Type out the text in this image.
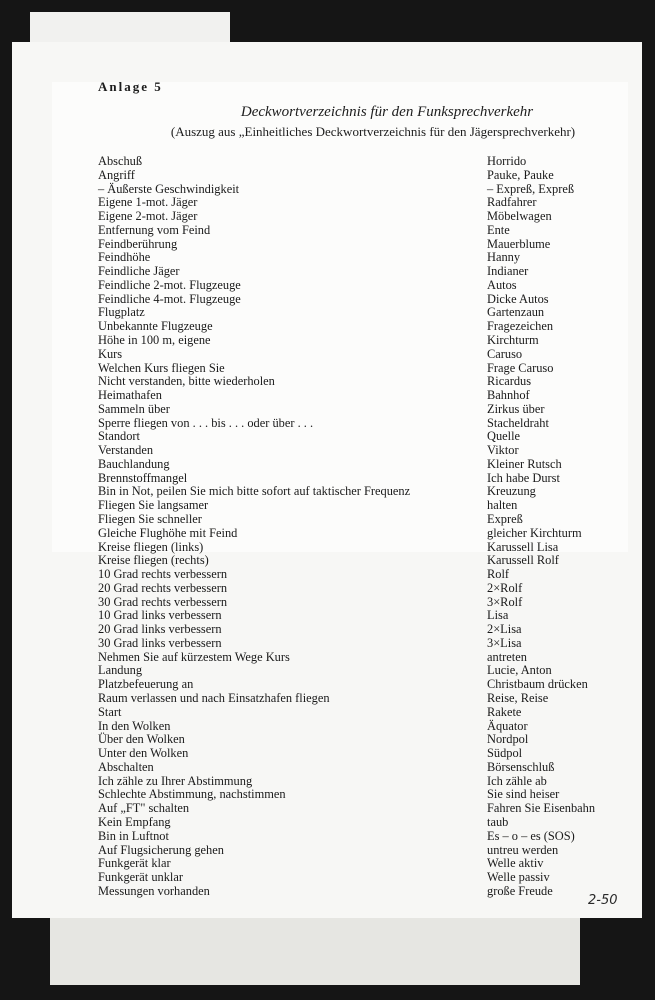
Anlage 5
Deckwortverzeichnis für den Funksprechverkehr
(Auszug aus „Einheitliches Deckwortverzeichnis für den Jägersprechverkehr)
Abschuß	Horrido
Angriff	Pauke, Pauke
– Äußerste Geschwindigkeit	– Expreß, Expreß
Eigene 1-mot. Jäger	Radfahrer
Eigene 2-mot. Jäger	Möbelwagen
Entfernung vom Feind	Ente
Feindberührung	Mauerblume
Feindhöhe	Hanny
Feindliche Jäger	Indianer
Feindliche 2-mot. Flugzeuge	Autos
Feindliche 4-mot. Flugzeuge	Dicke Autos
Flugplatz	Gartenzaun
Unbekannte Flugzeuge	Fragezeichen
Höhe in 100 m, eigene	Kirchturm
Kurs	Caruso
Welchen Kurs fliegen Sie	Frage Caruso
Nicht verstanden, bitte wiederholen	Ricardus
Heimathafen	Bahnhof
Sammeln über	Zirkus über
Sperre fliegen von . . . bis . . . oder über . . .	Stacheldraht
Standort	Quelle
Verstanden	Viktor
Bauchlandung	Kleiner Rutsch
Brennstoffmangel	Ich habe Durst
Bin in Not, peilen Sie mich bitte sofort auf taktischer Frequenz	Kreuzung
Fliegen Sie langsamer	halten
Fliegen Sie schneller	Expreß
Gleiche Flughöhe mit Feind	gleicher Kirchturm
Kreise fliegen (links)	Karussell Lisa
Kreise fliegen (rechts)	Karussell Rolf
10 Grad rechts verbessern	Rolf
20 Grad rechts verbessern	2×Rolf
30 Grad rechts verbessern	3×Rolf
10 Grad links verbessern	Lisa
20 Grad links verbessern	2×Lisa
30 Grad links verbessern	3×Lisa
Nehmen Sie auf kürzestem Wege Kurs	antreten
Landung	Lucie, Anton
Platzbefeuerung an	Christbaum drücken
Raum verlassen und nach Einsatzhafen fliegen	Reise, Reise
Start	Rakete
In den Wolken	Äquator
Über den Wolken	Nordpol
Unter den Wolken	Südpol
Abschalten	Börsenschluß
Ich zähle zu Ihrer Abstimmung	Ich zähle ab
Schlechte Abstimmung, nachstimmen	Sie sind heiser
Auf „FT" schalten	Fahren Sie Eisenbahn
Kein Empfang	taub
Bin in Luftnot	Es – o – es (SOS)
Auf Flugsicherung gehen	untreu werden
Funkgerät klar	Welle aktiv
Funkgerät unklar	Welle passiv
Messungen vorhanden	große Freude
2-50
